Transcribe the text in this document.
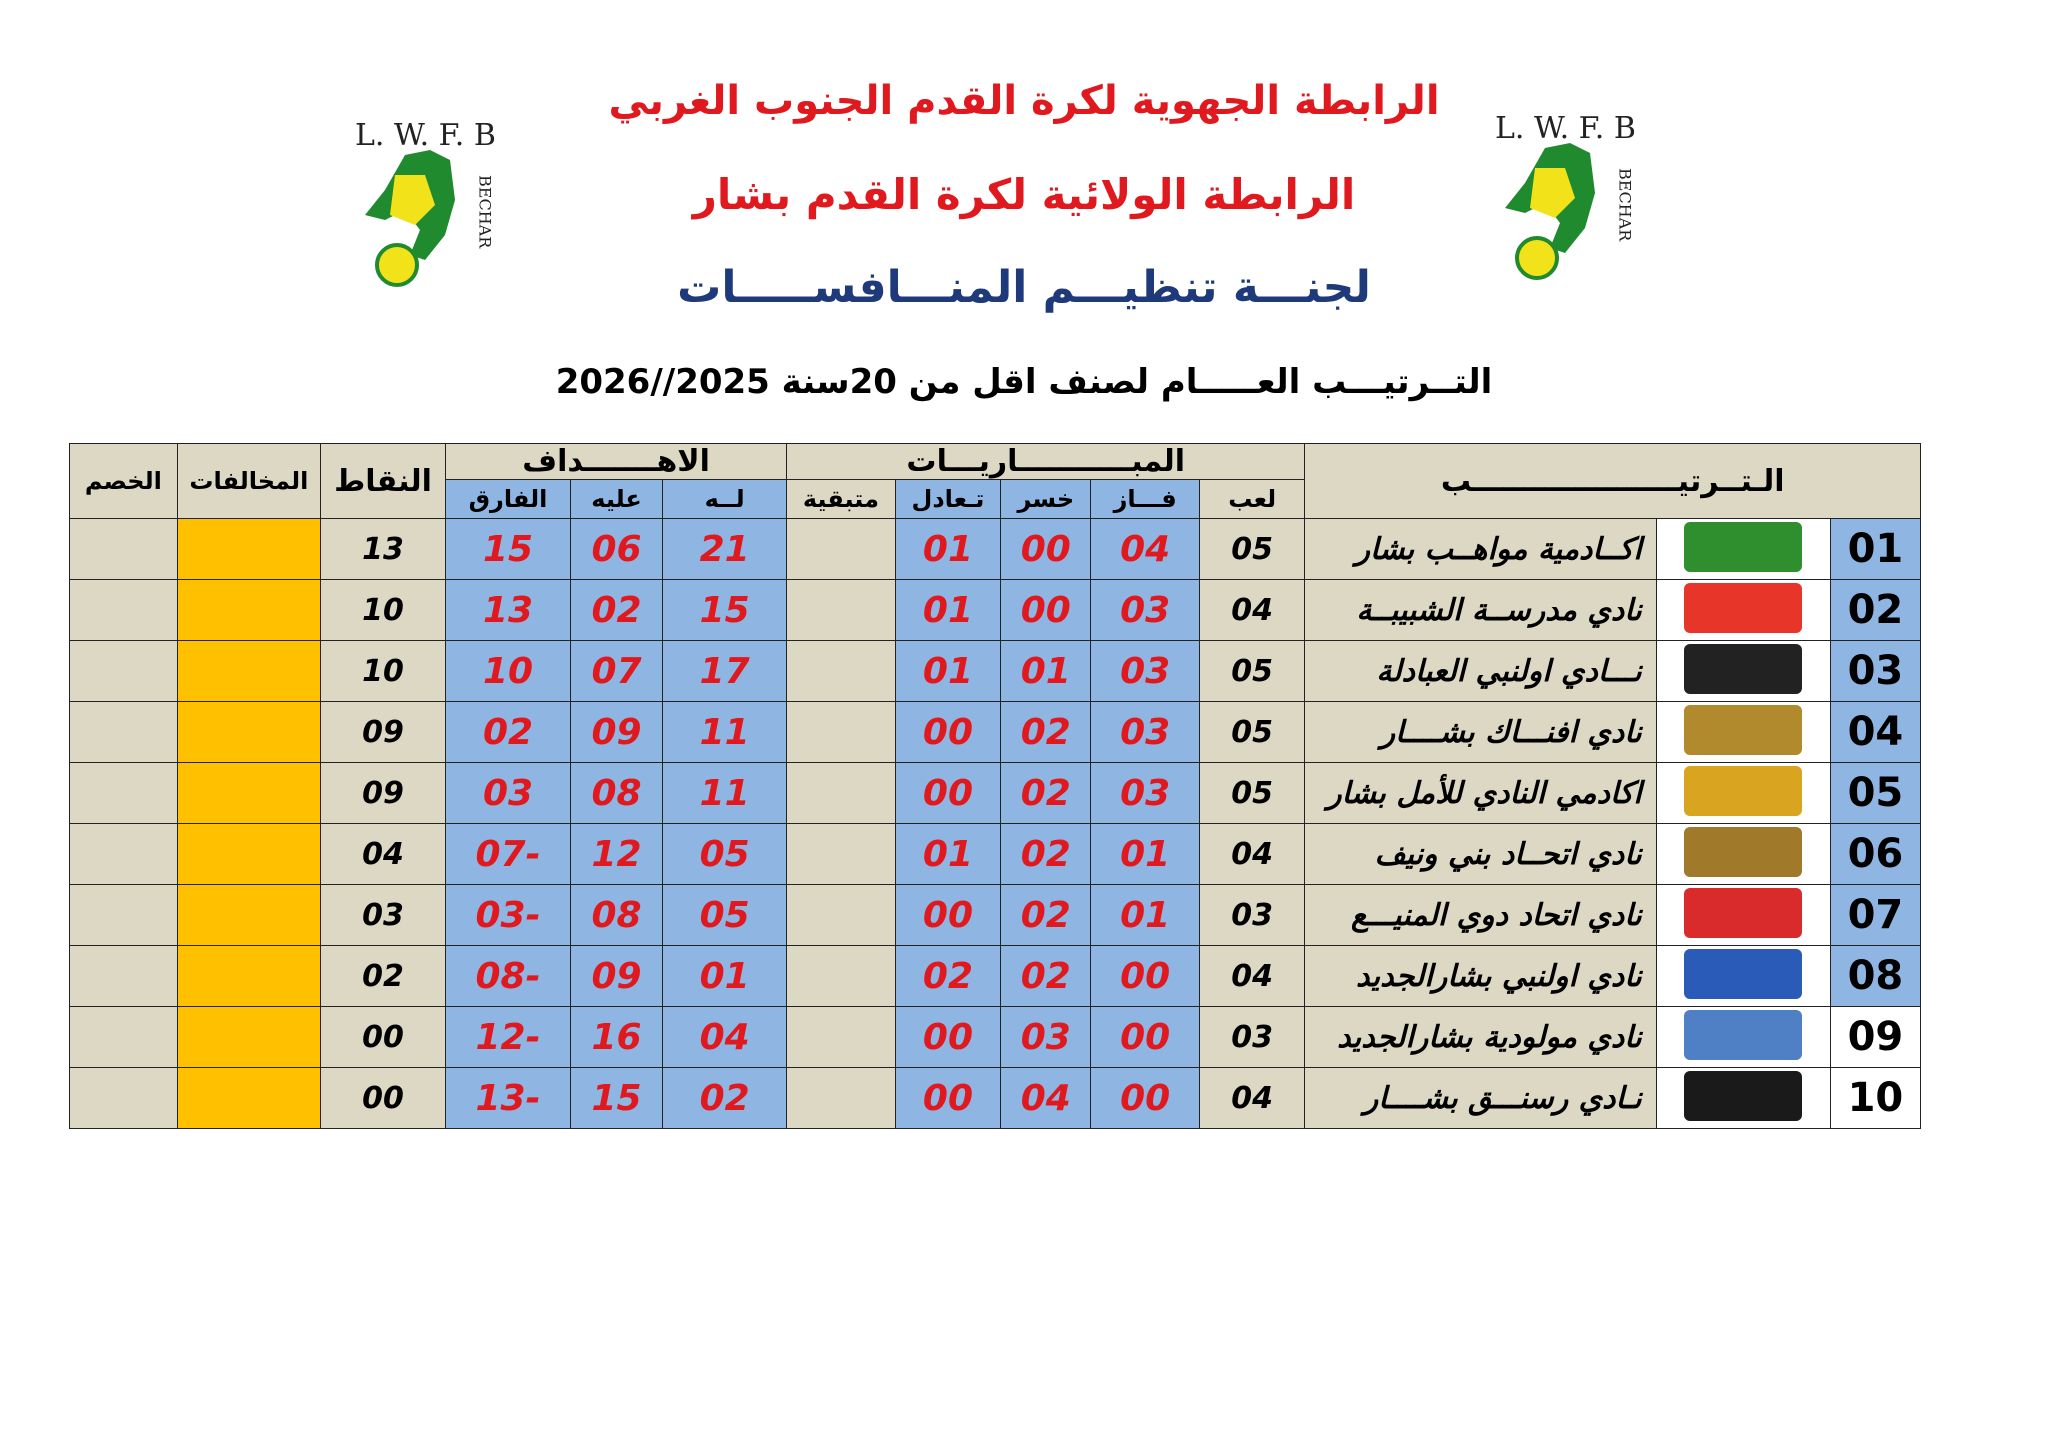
L. W. F. B
BECHAR
L. W. F. B
BECHAR
الرابطة الجهوية لكرة القدم الجنوب الغربي
الرابطة الولائية لكرة القدم بشار
لجنـــة تنظيـــم المنـــافســـــات
التــرتيـــب العـــــام لصنف اقل من 20سنة 2025//2026
الـتــرتيــــــــــــــــــــب			المبـــــــــــاريـــات					الاهـــــــداف			النقاط	المخالفات	الخصم
			لعب	فـــاز	خسر	تـعادل	متبقية	لــه	عليه	الفارق			
01		اكــادمية مواهــب بشار	05	04	00	01		21	06	15	13		
02		نادي مدرســة الشبيبــة	04	03	00	01		15	02	13	10		
03		نـــادي اولنبي العبادلة	05	03	01	01		17	07	10	10		
04		نادي افنـــاك بشــــار	05	03	02	00		11	09	02	09		
05		اكادمي النادي للأمل بشار	05	03	02	00		11	08	03	09		
06		نادي اتحــاد بني ونيف	04	01	02	01		05	12	-07	04		
07		نادي اتحاد دوي المنيـــع	03	01	02	00		05	08	-03	03		
08		نادي اولنبي بشارالجديد	04	00	02	02		01	09	-08	02		
09		نادي مولودية بشارالجديد	03	00	03	00		04	16	-12	00		
10		نـادي رسنـــق بشــــار	04	00	04	00		02	15	-13	00		
